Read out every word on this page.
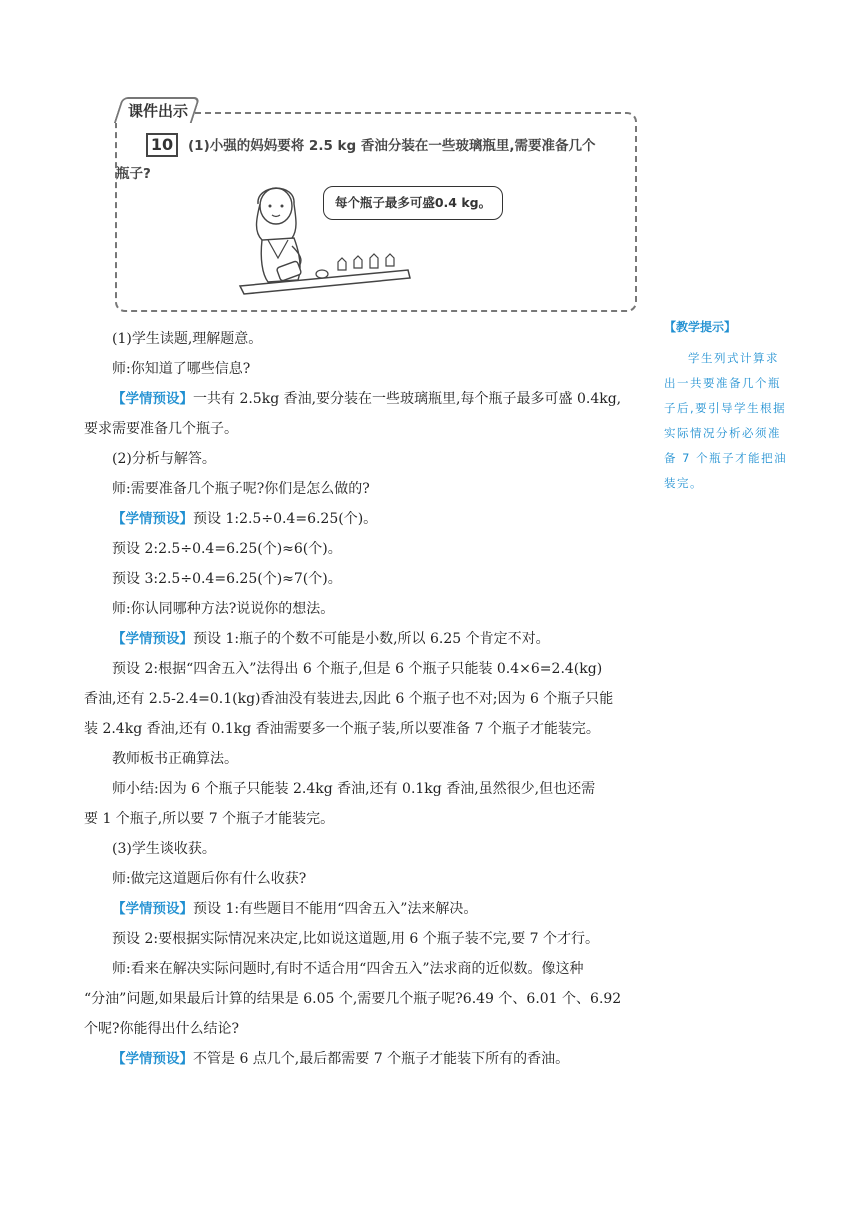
课件出示
10	(1)小强的妈妈要将 2.5 kg 香油分装在一些玻璃瓶里,需要准备几个
瓶子?
每个瓶子最多可盛0.4 kg。
【教学提示】
学生列式计算求出一共要准备几个瓶子后,要引导学生根据实际情况分析必须准备 7 个瓶子才能把油装完。
(1)学生读题,理解题意。
师:你知道了哪些信息?
【学情预设】一共有 2.5kg 香油,要分装在一些玻璃瓶里,每个瓶子最多可盛 0.4kg,
要求需要准备几个瓶子。
(2)分析与解答。
师:需要准备几个瓶子呢?你们是怎么做的?
【学情预设】预设 1:2.5÷0.4=6.25(个)。
预设 2:2.5÷0.4=6.25(个)≈6(个)。
预设 3:2.5÷0.4=6.25(个)≈7(个)。
师:你认同哪种方法?说说你的想法。
【学情预设】预设 1:瓶子的个数不可能是小数,所以 6.25 个肯定不对。
预设 2:根据“四舍五入”法得出 6 个瓶子,但是 6 个瓶子只能装 0.4×6=2.4(kg)
香油,还有 2.5-2.4=0.1(kg)香油没有装进去,因此 6 个瓶子也不对;因为 6 个瓶子只能
装 2.4kg 香油,还有 0.1kg 香油需要多一个瓶子装,所以要准备 7 个瓶子才能装完。
教师板书正确算法。
师小结:因为 6 个瓶子只能装 2.4kg 香油,还有 0.1kg 香油,虽然很少,但也还需
要 1 个瓶子,所以要 7 个瓶子才能装完。
(3)学生谈收获。
师:做完这道题后你有什么收获?
【学情预设】预设 1:有些题目不能用“四舍五入”法来解决。
预设 2:要根据实际情况来决定,比如说这道题,用 6 个瓶子装不完,要 7 个才行。
师:看来在解决实际问题时,有时不适合用“四舍五入”法求商的近似数。像这种
“分油”问题,如果最后计算的结果是 6.05 个,需要几个瓶子呢?6.49 个、6.01 个、6.92
个呢?你能得出什么结论?
【学情预设】不管是 6 点几个,最后都需要 7 个瓶子才能装下所有的香油。
